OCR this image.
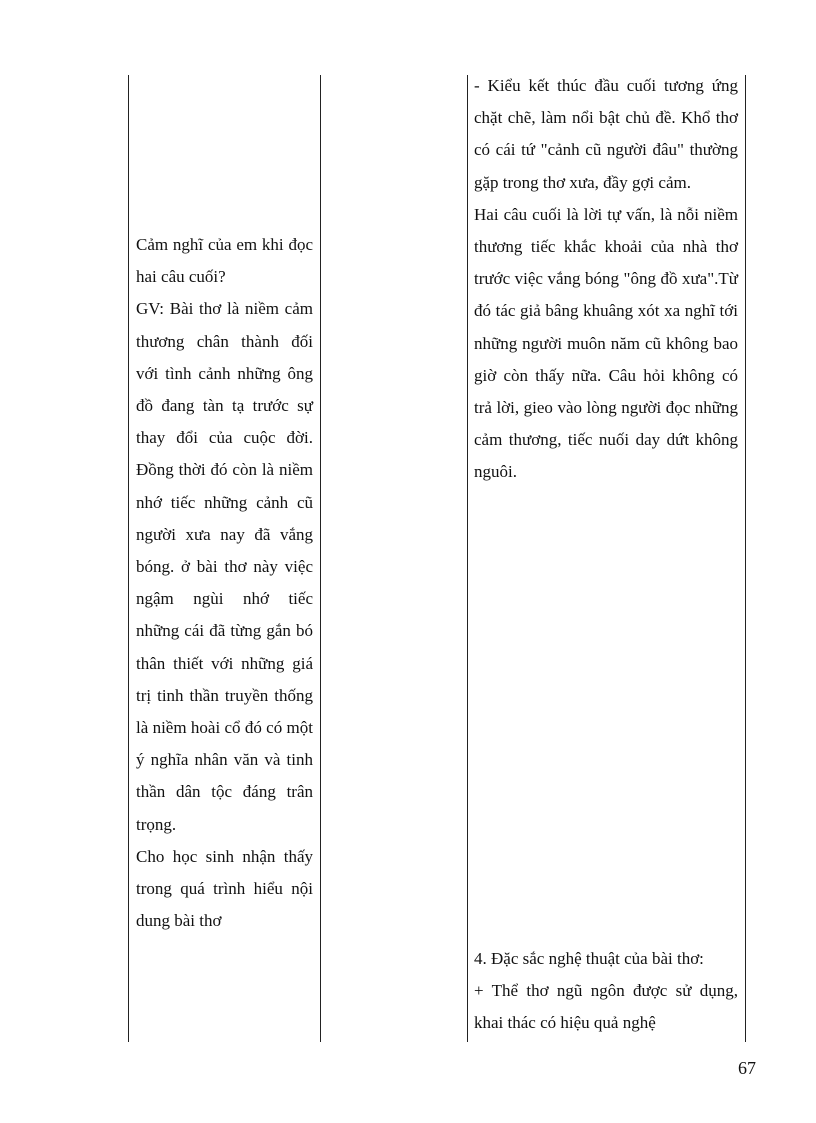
Cảm nghĩ của em khi đọc hai câu cuối?

GV: Bài thơ là niềm cảm thương chân thành đối với tình cảnh những ông đồ đang tàn tạ trước sự thay đổi của cuộc đời. Đồng thời đó còn là niềm nhớ tiếc những cảnh cũ người xưa nay đã vắng bóng. ở bài thơ này việc ngậm ngùi nhớ tiếc những cái đã từng gắn bó thân thiết với những giá trị tinh thần truyền thống là niềm hoài cổ đó có một ý nghĩa nhân văn và tinh thần dân tộc đáng trân trọng.

Cho học sinh nhận thấy trong quá trình hiểu nội dung bài thơ

- Kiểu kết thúc đầu cuối tương ứng chặt chẽ, làm nổi bật chủ đề. Khổ thơ có cái tứ "cảnh cũ người đâu" thường gặp trong thơ xưa, đầy gợi cảm.

Hai câu cuối là lời tự vấn, là nỗi niềm thương tiếc khắc khoải của nhà thơ trước việc vắng bóng "ông đồ xưa".Từ đó tác giả bâng khuâng xót xa nghĩ tới những người muôn năm cũ không bao giờ còn thấy nữa. Câu hỏi không có trả lời, gieo vào lòng người đọc những cảm thương, tiếc nuối day dứt không nguôi.

4. Đặc sắc nghệ thuật của bài thơ:

+ Thể thơ ngũ ngôn được sử dụng, khai thác có hiệu quả nghệ

67
